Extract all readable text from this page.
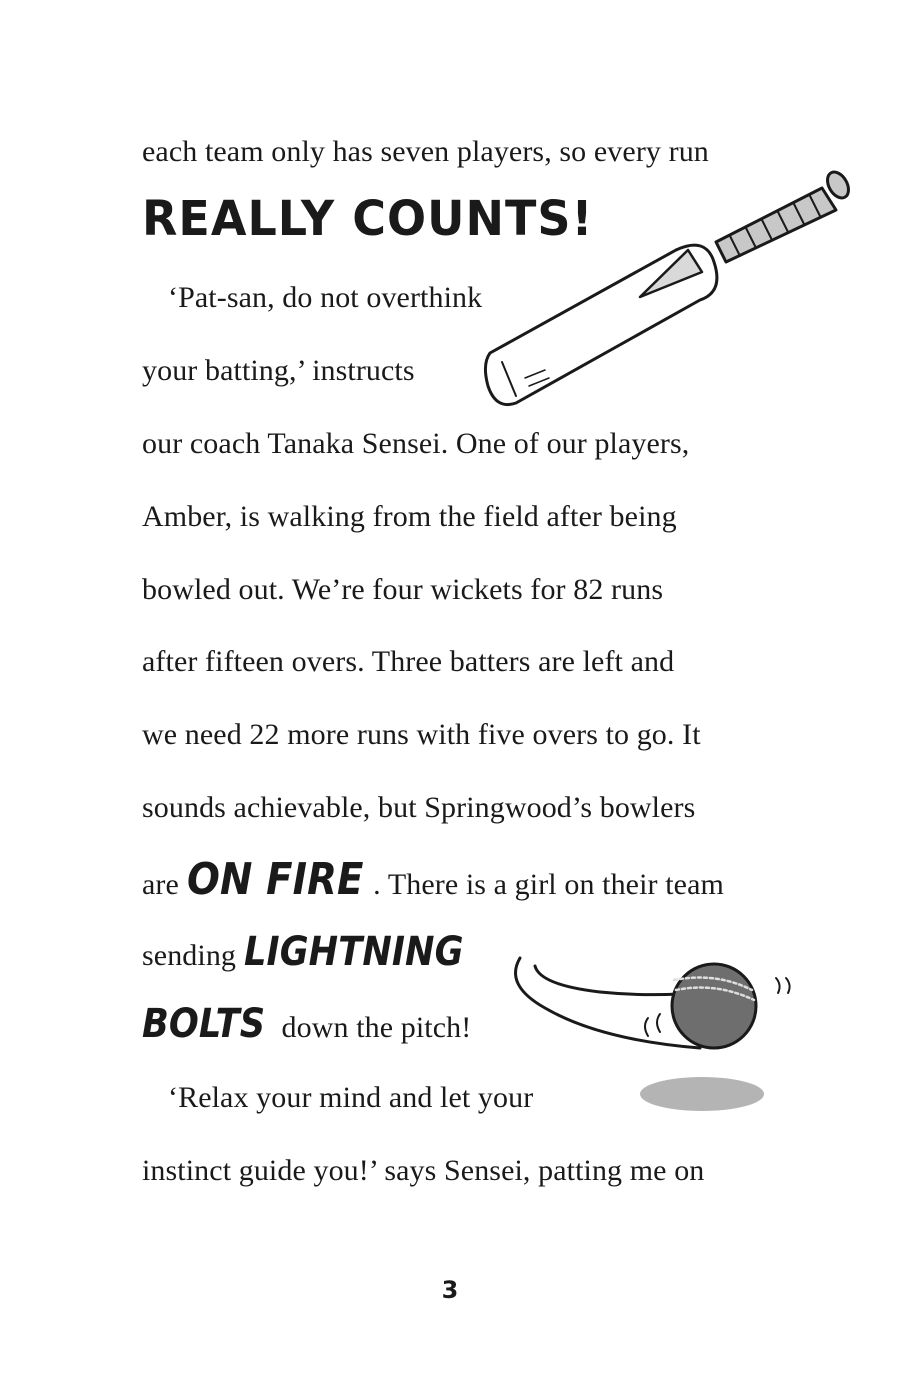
each team only has seven players, so every run
REALLY COUNTS!
‘Pat-san, do not overthink
your batting,’ instructs
our coach Tanaka Sensei. One of our players,
Amber, is walking from the field after being
bowled out. We’re four wickets for 82 runs
after fifteen overs. Three batters are left and
we need 22 more runs with five overs to go. It
sounds achievable, but Springwood’s bowlers
are ON FIRE . There is a girl on their team
sending LIGHTNING
BOLTS down the pitch!
‘Relax your mind and let your
instinct guide you!’ says Sensei, patting me on
3
